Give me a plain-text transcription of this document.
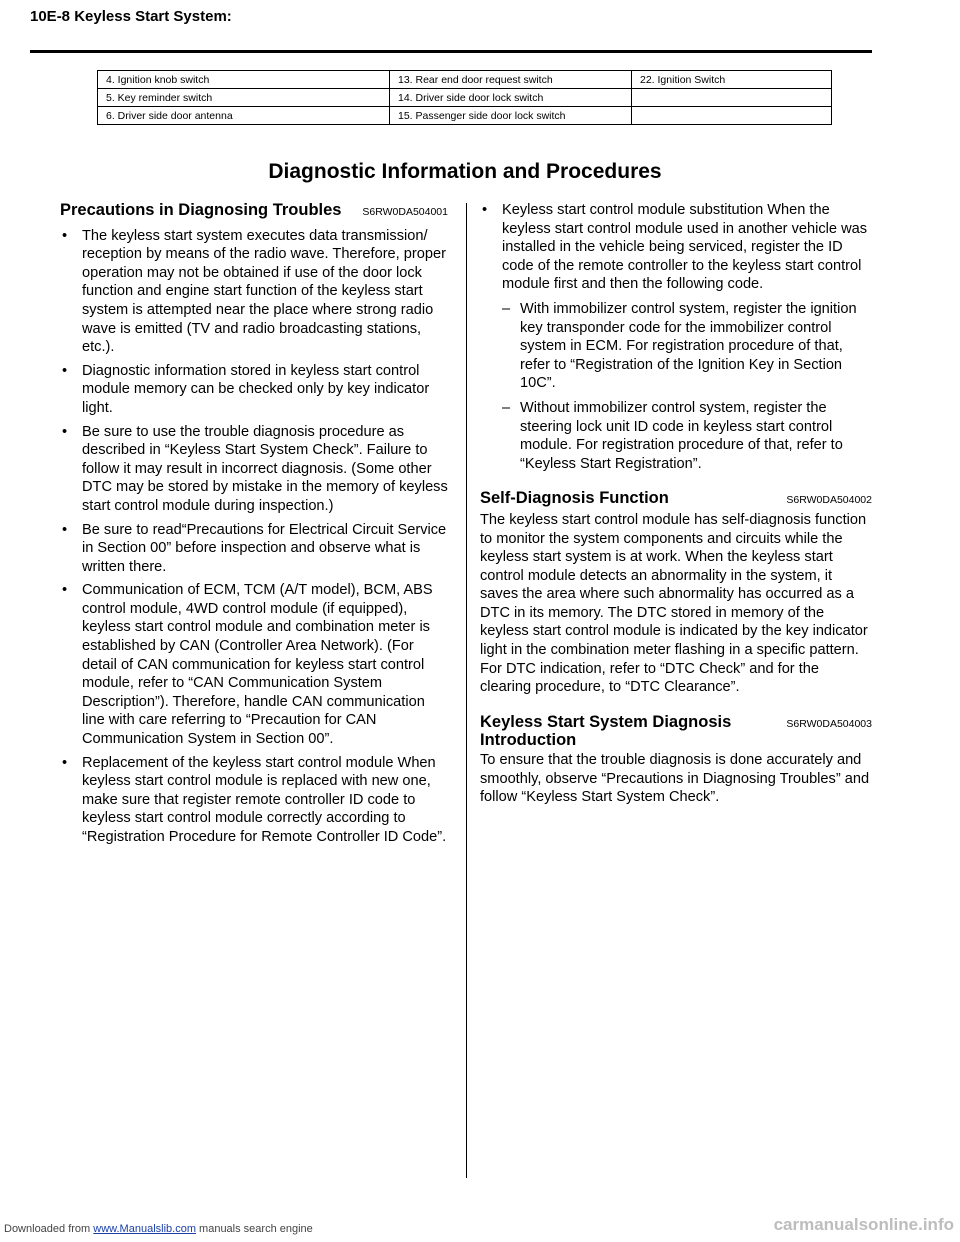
10E-8 Keyless Start System:
4. Ignition knob switch	13. Rear end door request switch	22. Ignition Switch
5. Key reminder switch	14. Driver side door lock switch	
6. Driver side door antenna	15. Passenger side door lock switch	
Diagnostic Information and Procedures
Precautions in Diagnosing Troubles S6RW0DA504001
•	The keyless start system executes data transmission/ reception by means of the radio wave. Therefore, proper operation may not be obtained if use of the door lock function and engine start function of the keyless start system is attempted near the place where strong radio wave is emitted (TV and radio broadcasting stations, etc.).
•	Diagnostic information stored in keyless start control module memory can be checked only by key indicator light.
•	Be sure to use the trouble diagnosis procedure as described in “Keyless Start System Check”. Failure to follow it may result in incorrect diagnosis. (Some other DTC may be stored by mistake in the memory of keyless start control module during inspection.)
•	Be sure to read“Precautions for Electrical Circuit Service in Section 00” before inspection and observe what is written there.
•	Communication of ECM, TCM (A/T model), BCM, ABS control module, 4WD control module (if equipped), keyless start control module and combination meter is established by CAN (Controller Area Network). (For detail of CAN communication for keyless start control module, refer to “CAN Communication System Description”). Therefore, handle CAN communication line with care referring to “Precaution for CAN Communication System in Section 00”.
•	Replacement of the keyless start control module When keyless start control module is replaced with new one, make sure that register remote controller ID code to keyless start control module correctly according to “Registration Procedure for Remote Controller ID Code”.
•	Keyless start control module substitution When the keyless start control module used in another vehicle was installed in the vehicle being serviced, register the ID code of the remote controller to the keyless start control module first and then the following code.
– With immobilizer control system, register the ignition key transponder code for the immobilizer control system in ECM. For registration procedure of that, refer to “Registration of the Ignition Key in Section 10C”.
– Without immobilizer control system, register the steering lock unit ID code in keyless start control module. For registration procedure of that, refer to “Keyless Start Registration”.
Self-Diagnosis Function	S6RW0DA504002
The keyless start control module has self-diagnosis function to monitor the system components and circuits while the keyless start system is at work. When the keyless start control module detects an abnormality in the system, it saves the area where such abnormality has occurred as a DTC in its memory. The DTC stored in memory of the keyless start control module is indicated by the key indicator light in the combination meter flashing in a specific pattern. For DTC indication, refer to “DTC Check” and for the clearing procedure, to “DTC Clearance”.
Keyless Start System Diagnosis Introduction
S6RW0DA504003
To ensure that the trouble diagnosis is done accurately and smoothly, observe “Precautions in Diagnosing Troubles” and follow “Keyless Start System Check”.
Downloaded from www.Manualslib.com manuals search engine	carmanualsonline.info
